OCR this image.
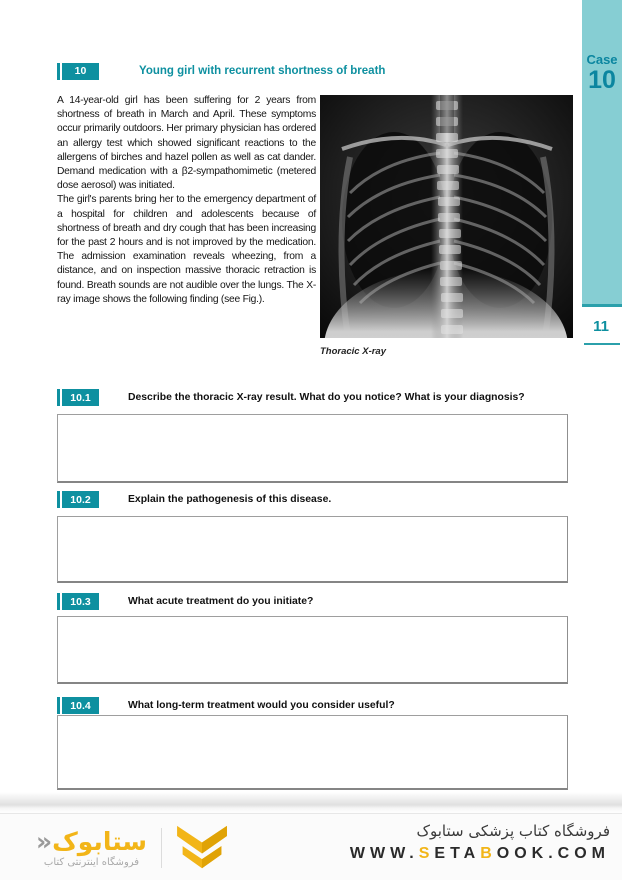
Case
10
11
10	Young girl with recurrent shortness of breath

A 14-year-old girl has been suffering for 2 years from shortness of breath in March and April. These symptoms occur primarily outdoors. Her primary physician has ordered an allergy test which showed significant reactions to the allergens of birches and hazel pollen as well as cat dander. Demand medication with a β2-sympathomimetic (metered dose aerosol) was initiated.

The girl's parents bring her to the emergency department of a hospital for children and adolescents because of shortness of breath and dry cough that has been increasing for the past 2 hours and is not improved by the medication. The admission examination reveals wheezing, from a distance, and on inspection massive thoracic retraction is found. Breath sounds are not audible over the lungs. The X-ray image shows the following finding (see Fig.).

Thoracic X-ray
10.1	Describe the thoracic X-ray result. What do you notice? What is your diagnosis?
10.2	Explain the pathogenesis of this disease.
10.3	What acute treatment do you initiate?
10.4	What long-term treatment would you consider useful?
ستابوک«
فروشگاه اینترنتی کتاب
فروشگاه کتاب پزشکی ستابوک
WWW.SETABOOK.COM
